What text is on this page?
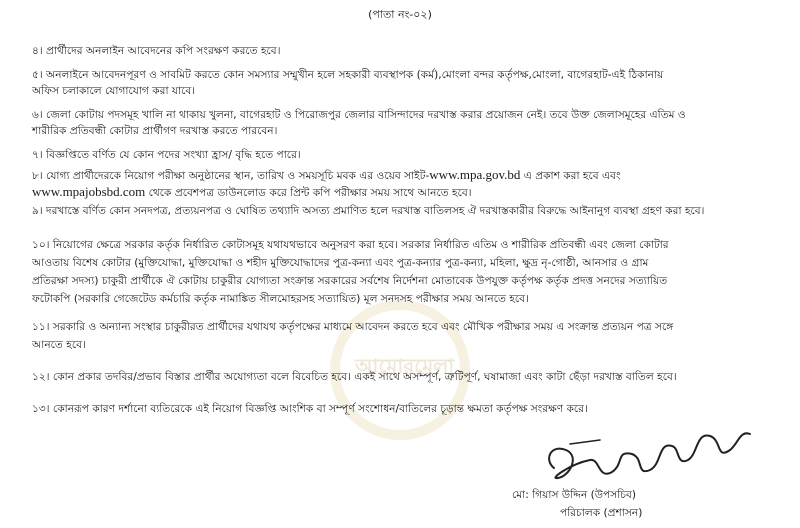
(পাতা নং-০২)
আমোরমেলা
৪। প্রার্থীদের অনলাইন আবেদনের কপি সংরক্ষণ করতে হবে।
৫। অনলাইনে আবেদনপূরণ ও সাবমিট করতে কোন সমস্যার সম্মুখীন হলে সহকারী ব্যবস্থাপক (কর্ম),মোংলা বন্দর কর্তৃপক্ষ,মোংলা, বাগেরহাট-এই ঠিকানায়
অফিস চলাকালে যোগাযোগ করা যাবে।
৬। জেলা কোটায় পদসমূহ খালি না থাকায় খুলনা, বাগেরহাট ও পিরোজপুর জেলার বাসিন্দাদের দরখাস্ত করার প্রয়োজন নেই। তবে উক্ত জেলাসমূহের এতিম ও
শারীরিক প্রতিবন্ধী কোটার প্রার্থীগণ দরখাস্ত করতে পারবেন।
৭। বিজ্ঞপ্তিতে বর্ণিত যে কোন পদের সংখ্যা হ্রাস/ বৃদ্ধি হতে পারে।
৮। যোগ্য প্রার্থীদেরকে নিয়োগ পরীক্ষা অনুষ্ঠানের স্থান, তারিখ ও সময়সূচি মবক এর ওয়েব সাইট-www.mpa.gov.bd এ প্রকাশ করা হবে এবং
www.mpajobsbd.com থেকে প্রবেশপত্র ডাউনলোড করে প্রিন্ট কপি পরীক্ষার সময় সাথে আনতে হবে।
৯। দরখাস্তে বর্ণিত কোন সনদপত্র, প্রত্যয়নপত্র ও ঘোষিত তথ্যাদি অসত্য প্রমাণিত হলে দরখাস্ত বাতিলসহ ঐ দরখাস্তকারীর বিরুদ্ধে আইনানুগ ব্যবস্থা গ্রহণ করা হবে।
১০। নিয়োগের ক্ষেত্রে সরকার কর্তৃক নির্ধারিত কোটাসমূহ যথাযথভাবে অনুসরণ করা হবে। সরকার নির্ধারিত এতিম ও শারীরিক প্রতিবন্ধী এবং জেলা কোটার
আওতায় বিশেষ কোটার (মুক্তিযোদ্ধা, মুক্তিযোদ্ধা ও শহীদ মুক্তিযোদ্ধাদের পুত্র-কন্যা এবং পুত্র-কন্যার পুত্র-কন্যা, মহিলা, ক্ষুদ্র নৃ-গোষ্ঠী, আনসার ও গ্রাম
প্রতিরক্ষা সদস্য) চাকুরী প্রার্থীকে ঐ কোটায় চাকুরীর যোগ্যতা সংক্রান্ত সরকারের সর্বশেষ নির্দেশনা মোতাবেক উপযুক্ত কর্তৃপক্ষ কর্তৃক প্রদত্ত সনদের সত্যায়িত
ফটোকপি (সরকারি গেজেটেড কর্মচারি কর্তৃক নামাঙ্কিত সীলমোহরসহ সত্যায়িত) মূল সনদসহ পরীক্ষার সময় আনতে হবে।
১১। সরকারি ও অন্যান্য সংস্থার চাকুরীরত প্রার্থীদের যথাযথ কর্তৃপক্ষের মাধ্যমে আবেদন করতে হবে এবং মৌখিক পরীক্ষার সময় এ সংক্রান্ত প্রত্যয়ন পত্র সঙ্গে
আনতে হবে।
১২। কোন প্রকার তদবির/প্রভাব বিস্তার প্রার্থীর অযোগ্যতা বলে বিবেচিত হবে। একই সাথে অসম্পূর্ণ, ত্রুটিপূর্ণ, ঘষামাজা এবং কাটা ছেঁড়া দরখাস্ত বাতিল হবে।
১৩। কোনরূপ কারণ দর্শানো ব্যতিরেকে এই নিয়োগ বিজ্ঞপ্তি আংশিক বা সম্পূর্ণ সংশোধন/বাতিলের চূড়ান্ত ক্ষমতা কর্তৃপক্ষ সংরক্ষণ করে।
মো: গিয়াস উদ্দিন (উপসচিব)
পরিচালক (প্রশাসন)
